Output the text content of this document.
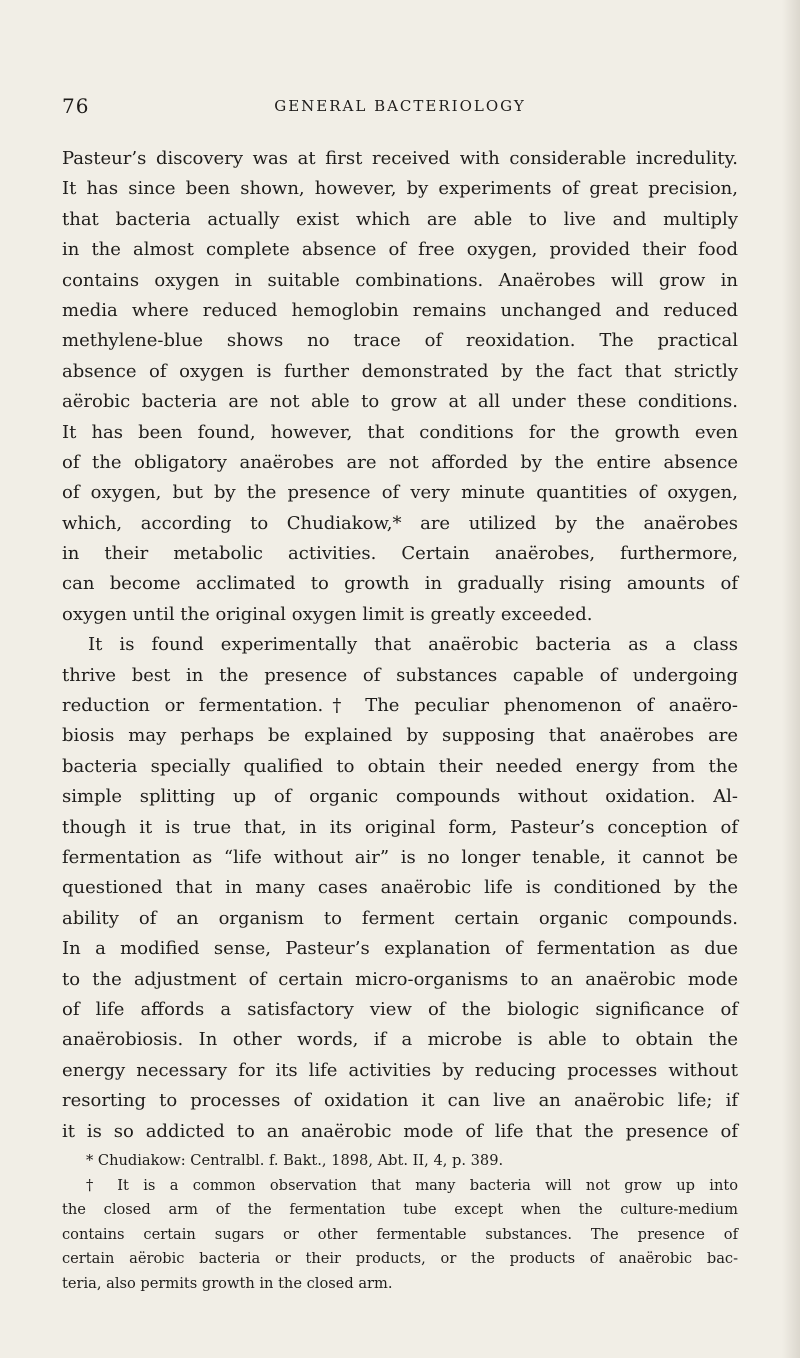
76	GENERAL BACTERIOLOGY
Pasteur’s discovery was at first received with considerable incredulity.
It has since been shown, however, by experiments of great precision,
that bacteria actually exist which are able to live and multiply
in the almost complete absence of free oxygen, provided their food
contains oxygen in suitable combinations. Anaërobes will grow in
media where reduced hemoglobin remains unchanged and reduced
methylene-blue shows no trace of reoxidation. The practical
absence of oxygen is further demonstrated by the fact that strictly
aërobic bacteria are not able to grow at all under these conditions.
It has been found, however, that conditions for the growth even
of the obligatory anaërobes are not afforded by the entire absence
of oxygen, but by the presence of very minute quantities of oxygen,
which, according to Chudiakow,* are utilized by the anaërobes
in their metabolic activities. Certain anaërobes, furthermore,
can become acclimated to growth in gradually rising amounts of
oxygen until the original oxygen limit is greatly exceeded.
It is found experimentally that anaërobic bacteria as a class
thrive best in the presence of substances capable of undergoing
reduction or fermentation.† The peculiar phenomenon of anaëro-
biosis may perhaps be explained by supposing that anaërobes are
bacteria specially qualified to obtain their needed energy from the
simple splitting up of organic compounds without oxidation. Al-
though it is true that, in its original form, Pasteur’s conception of
fermentation as “life without air” is no longer tenable, it cannot be
questioned that in many cases anaërobic life is conditioned by the
ability of an organism to ferment certain organic compounds.
In a modified sense, Pasteur’s explanation of fermentation as due
to the adjustment of certain micro-organisms to an anaërobic mode
of life affords a satisfactory view of the biologic significance of
anaërobiosis. In other words, if a microbe is able to obtain the
energy necessary for its life activities by reducing processes without
resorting to processes of oxidation it can live an anaërobic life; if
it is so addicted to an anaërobic mode of life that the presence of
* Chudiakow: Centralbl. f. Bakt., 1898, Abt. II, 4, p. 389.
† It is a common observation that many bacteria will not grow up into
the closed arm of the fermentation tube except when the culture-medium
contains certain sugars or other fermentable substances. The presence of
certain aërobic bacteria or their products, or the products of anaërobic bac-
teria, also permits growth in the closed arm.
